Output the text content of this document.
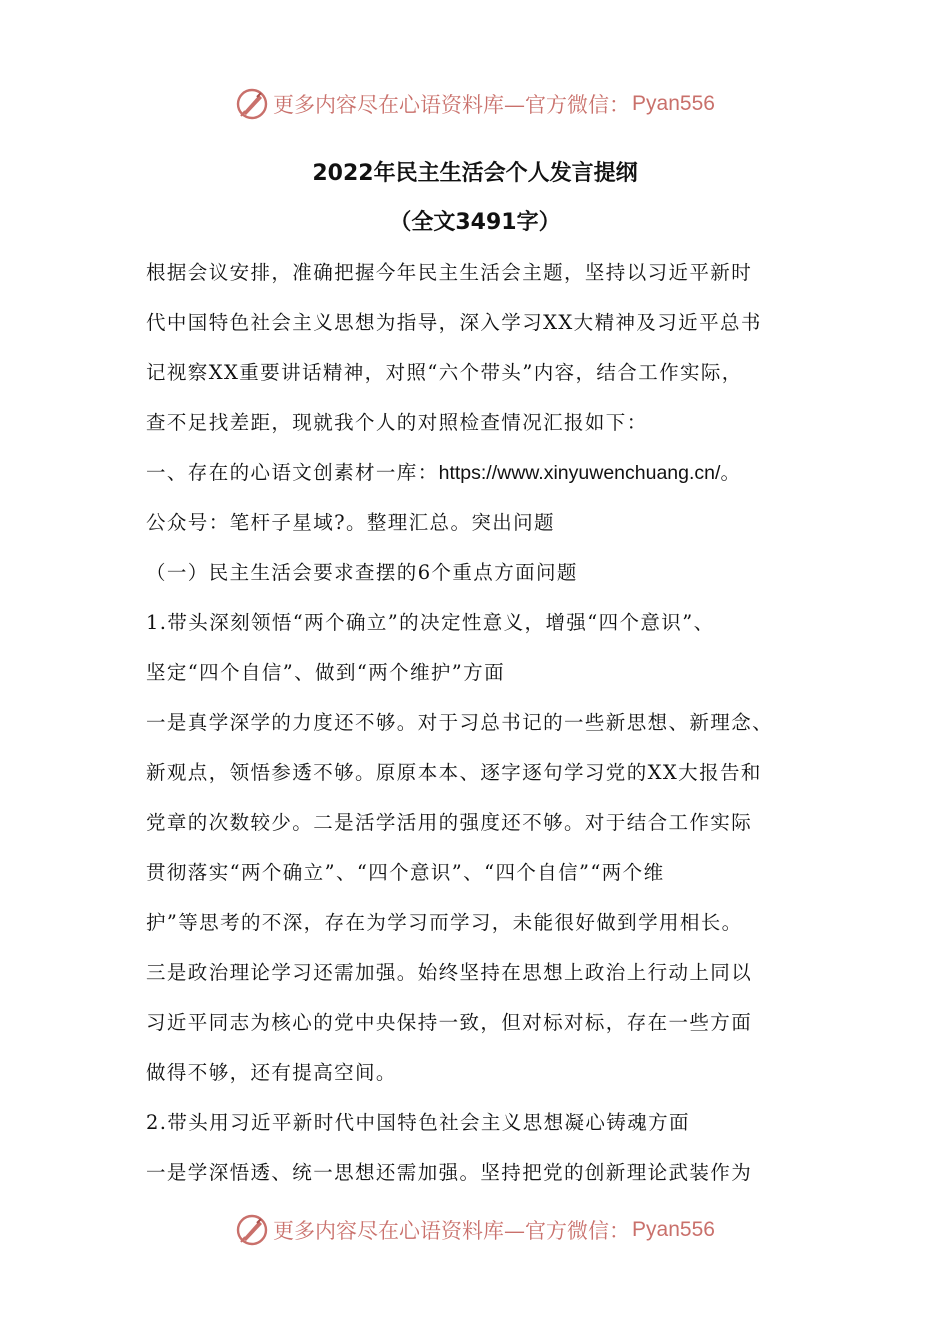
更多内容尽在心语资料库—官方微信： Pyan556
2022年民主生活会个人发言提纲
（全文3491字）
根据会议安排，准确把握今年民主生活会主题，坚持以习近平新时
代中国特色社会主义思想为指导，深入学习XX大精神及习近平总书
记视察XX重要讲话精神，对照“六个带头”内容，结合工作实际，
查不足找差距，现就我个人的对照检查情况汇报如下：
一、存在的心语文创素材一库：https://www.xinyuwenchuang.cn/。
公众号：笔杆子星域?。整理汇总。突出问题
（一）民主生活会要求查摆的6个重点方面问题
1.带头深刻领悟“两个确立”的决定性意义，增强“四个意识”、
坚定“四个自信”、做到“两个维护”方面
一是真学深学的力度还不够。对于习总书记的一些新思想、新理念、
新观点，领悟参透不够。原原本本、逐字逐句学习党的XX大报告和
党章的次数较少。二是活学活用的强度还不够。对于结合工作实际
贯彻落实“两个确立”、“四个意识”、“四个自信”“两个维
护”等思考的不深，存在为学习而学习，未能很好做到学用相长。
三是政治理论学习还需加强。始终坚持在思想上政治上行动上同以
习近平同志为核心的党中央保持一致，但对标对标，存在一些方面
做得不够，还有提高空间。
2.带头用习近平新时代中国特色社会主义思想凝心铸魂方面
一是学深悟透、统一思想还需加强。坚持把党的创新理论武装作为
更多内容尽在心语资料库—官方微信： Pyan556
